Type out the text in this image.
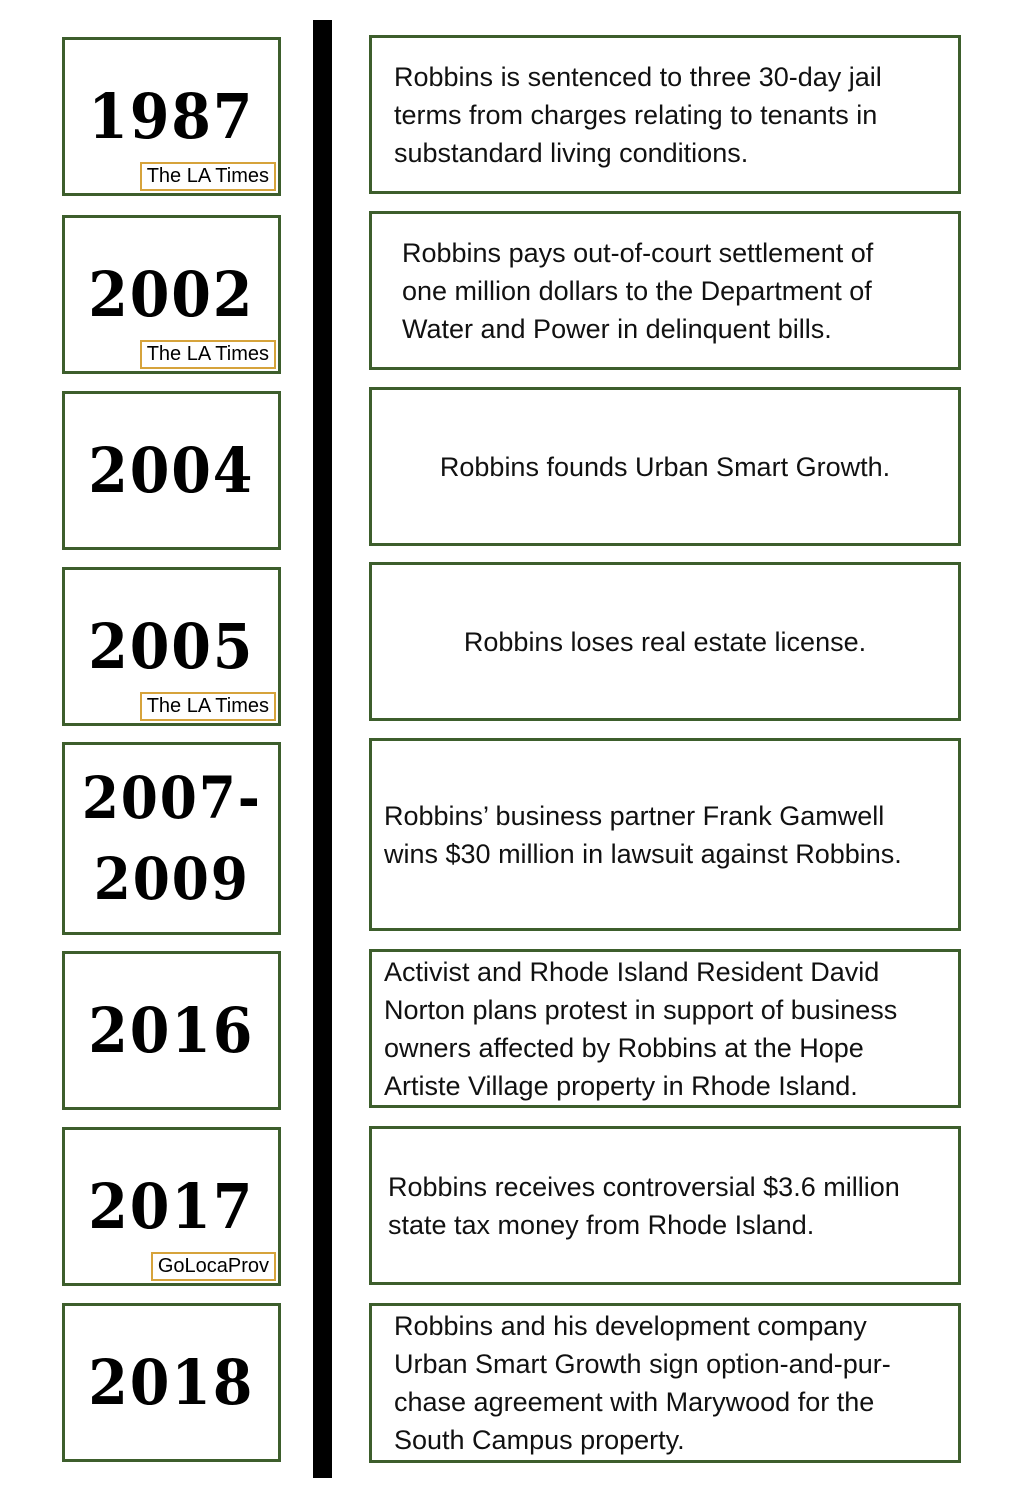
1987
The LA Times
Robbins is sentenced to three 30-day jail
terms from charges relating to tenants in
substandard living conditions.
2002
The LA Times
Robbins pays out-of-court settlement of
one million dollars to the Department of
Water and Power in delinquent bills.
2004	Robbins founds Urban Smart Growth.
2005
The LA Times
Robbins loses real estate license.
2007-
2009
Robbins’ business partner Frank Gamwell
wins $30 million in lawsuit against Robbins.
2016
Activist and Rhode Island Resident David
Norton plans protest in support of business
owners affected by Robbins at the Hope
Artiste Village property in Rhode Island.
2017
GoLocaProv
Robbins receives controversial $3.6 million
state tax money from Rhode Island.
2018
Robbins and his development company
Urban Smart Growth sign option-and-pur-
chase agreement with Marywood for the
South Campus property.
